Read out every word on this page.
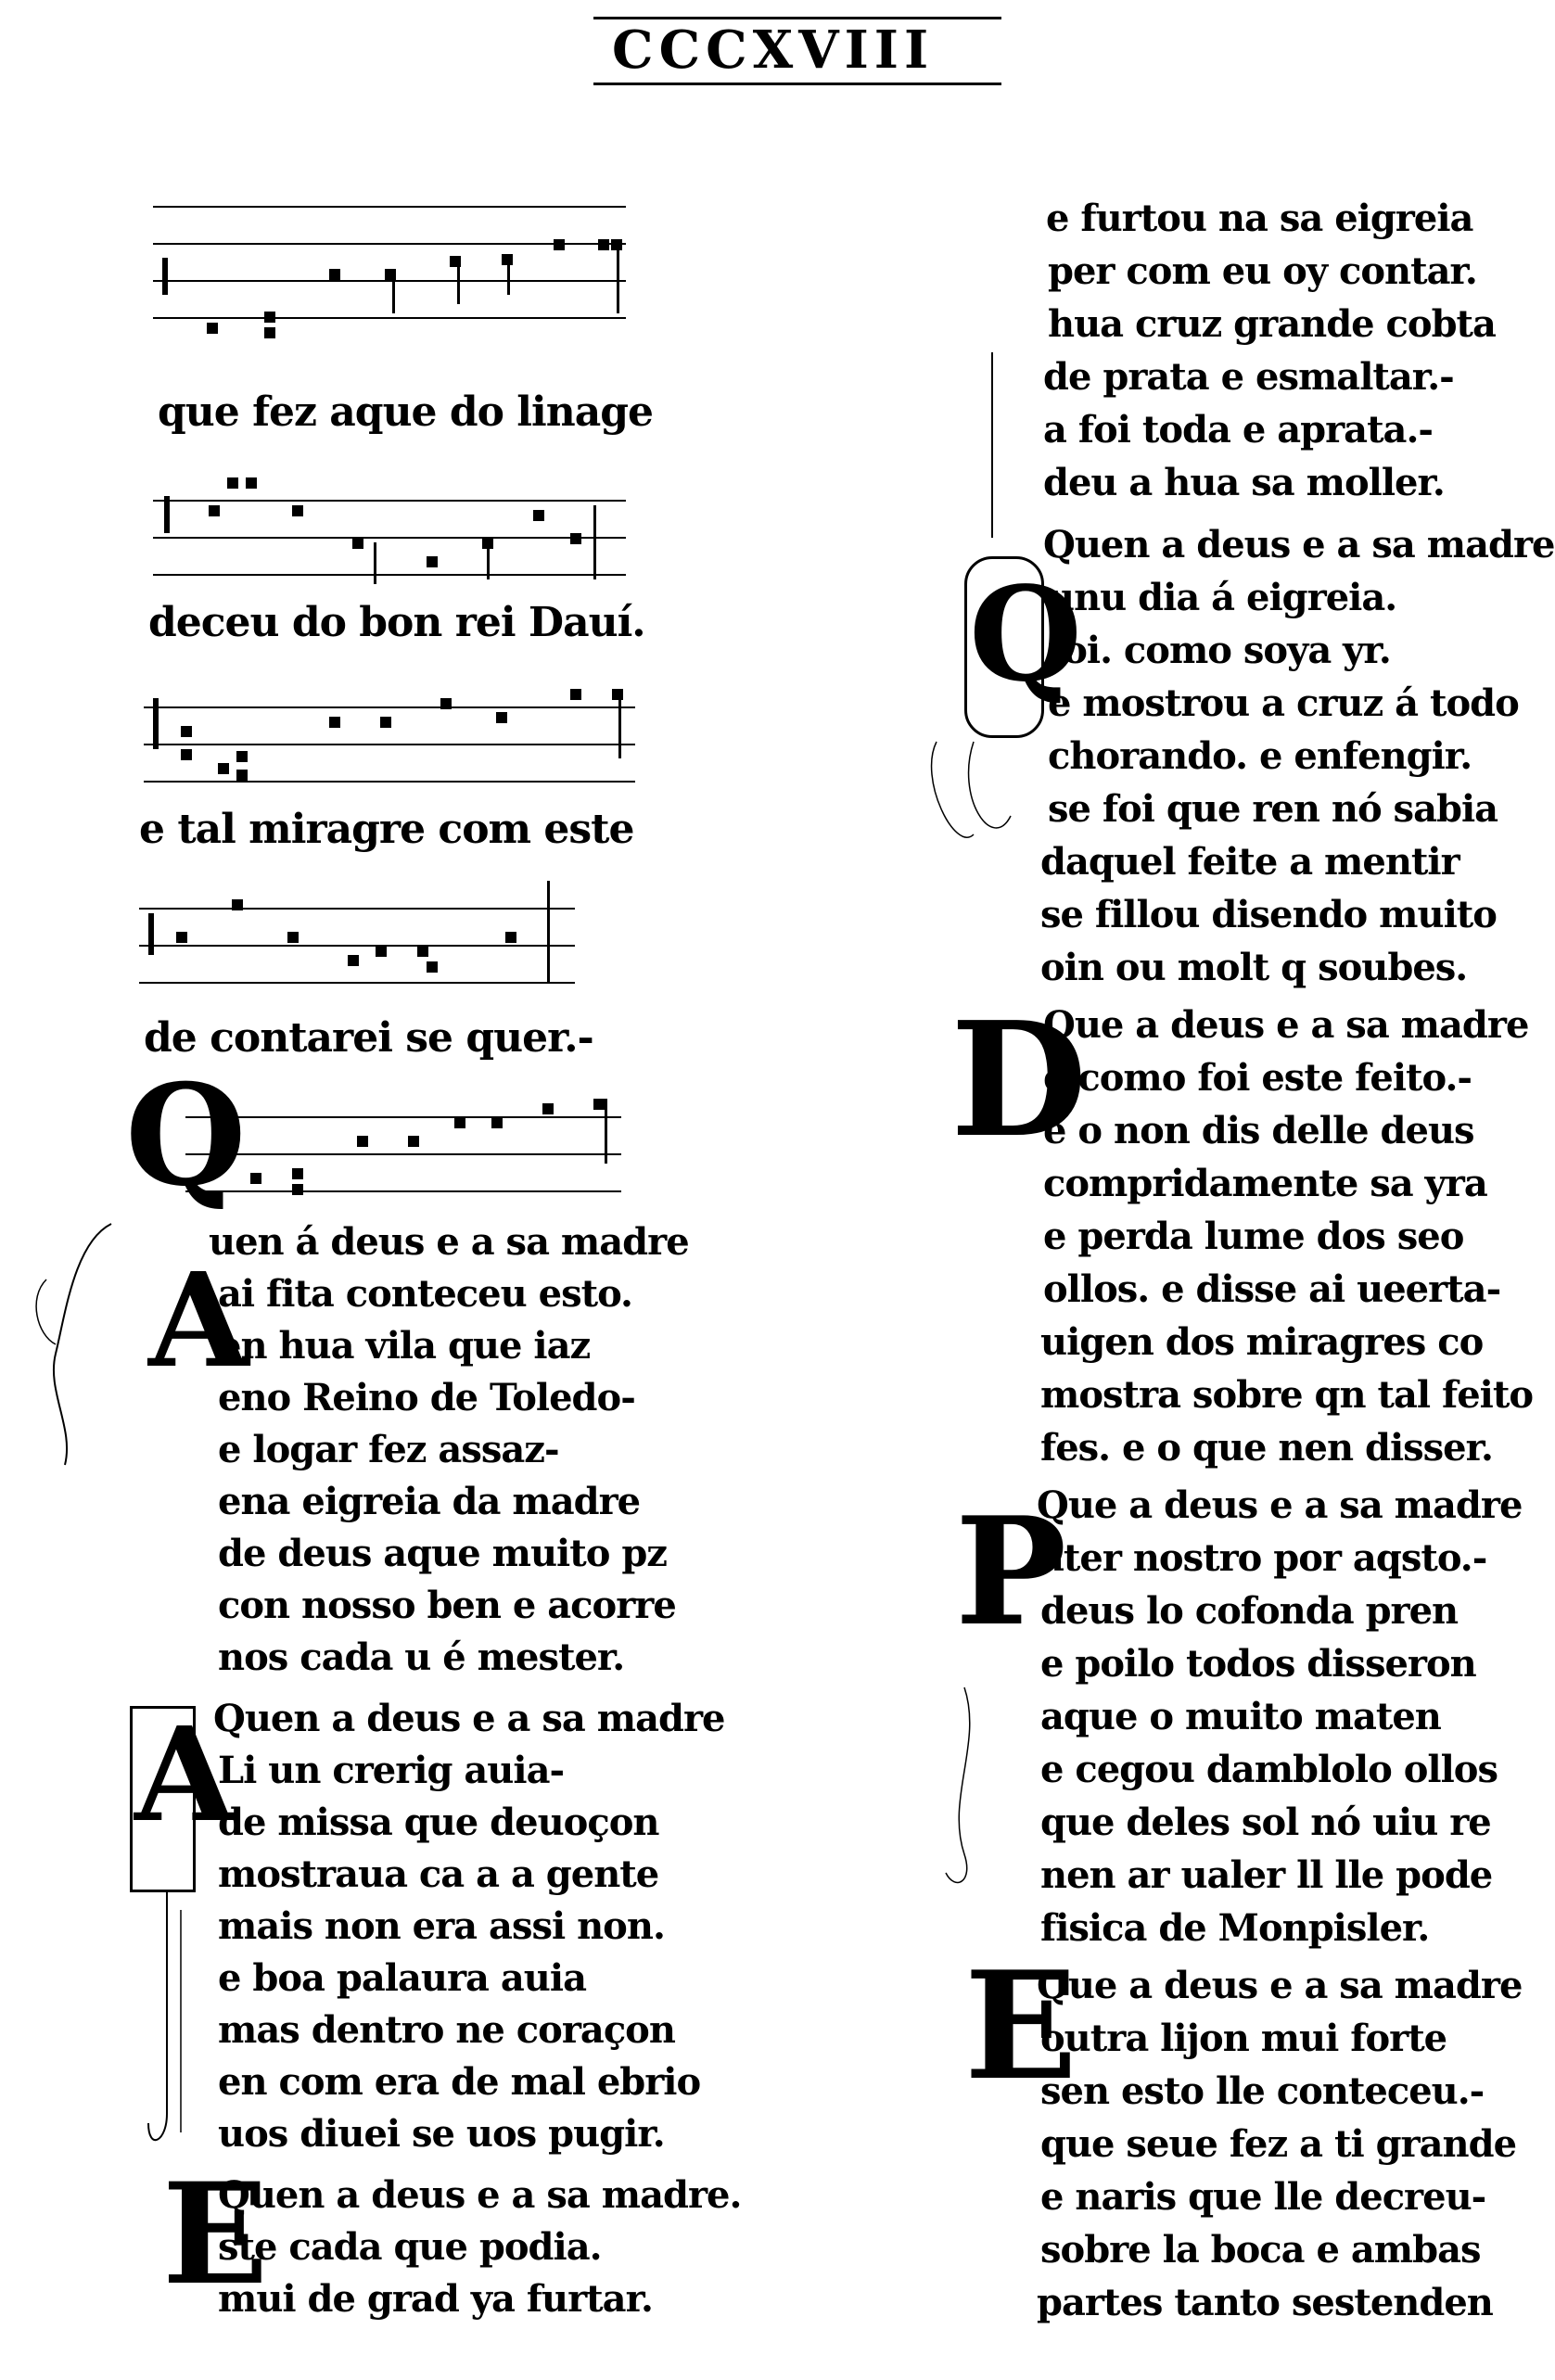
CCCXVIII
que fez aque do linage
deceu do bon rei Dauí.
e tal miragre com este
de contarei se quer.-
Q
A
A
E
uen á deus e a sa madre
ai fita conteceu esto.
en hua vila que iaz
eno Reino de Toledo-
e logar fez assaz-
ena eigreia da madre
de deus aque muito pz
con nosso ben e acorre
nos cada u é mester.
Quen a deus e a sa madre
Li un crerig auia-
de missa que deuoçon
mostraua ca a a gente
mais non era assi non.
e boa palaura auia
mas dentro ne coraçon
en com era de mal ebrio
uos diuei se uos pugir.
Quen a deus e a sa madre.
ste cada que podia.
mui de grad ya furtar.
Q
D
P
E
e furtou na sa eigreia
per com eu oy contar.
hua cruz grande cobta
de prata e esmaltar.-
a foi toda e aprata.-
deu a hua sa moller.
Quen a deus e a sa madre
unu dia á eigreia.
foi. como soya yr.
e mostrou a cruz á todo
chorando. e enfengir.
se foi que ren nó sabia
daquel feite a mentir
se fillou disendo muito
oin ou molt q soubes.
Que a deus e a sa madre
e como foi este feito.-
e o non dis delle deus
compridamente sa yra
e perda lume dos seo
ollos. e disse ai ueerta-
uigen dos miragres co
mostra sobre qn tal feito
fes. e o que nen disser.
Que a deus e a sa madre
ater nostro por aqsto.-
deus lo cofonda pren
e poilo todos disseron
aque o muito maten
e cegou damblolo ollos
que deles sol nó uiu re
nen ar ualer ll lle pode
fisica de Monpisler.
Que a deus e a sa madre
outra lijon mui forte
sen esto lle conteceu.-
que seue fez a ti grande
e naris que lle decreu-
sobre la boca e ambas
partes tanto sestenden
